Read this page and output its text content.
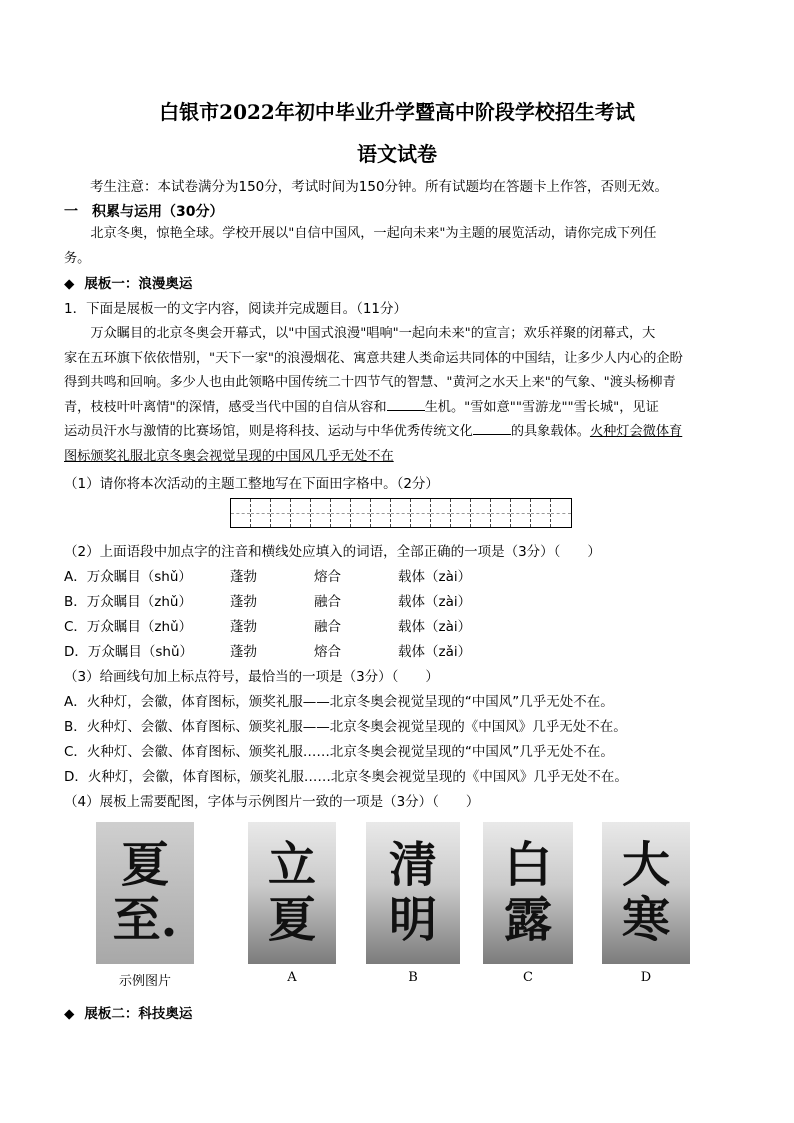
白银市2022年初中毕业升学暨高中阶段学校招生考试
语文试卷
考生注意：本试卷满分为150分，考试时间为150分钟。所有试题均在答题卡上作答，否则无效。
一　积累与运用（30分）
北京冬奥，惊艳全球。学校开展以"自信中国风，一起向未来"为主题的展览活动，请你完成下列任
务。
◆ 展板一：浪漫奥运
1．下面是展板一的文字内容，阅读并完成题目。（11分）
万众瞩目的北京冬奥会开幕式，以"中国式浪漫"唱响"一起向未来"的宣言；欢乐祥聚的闭幕式，大
家在五环旗下依依惜别，"天下一家"的浪漫烟花、寓意共建人类命运共同体的中国结，让多少人内心的企盼
得到共鸣和回响。多少人也由此领略中国传统二十四节气的智慧、"黄河之水天上来"的气象、"渡头杨柳青
青，枝枝叶叶离情"的深情，感受当代中国的自信从容和	生机。"雪如意""雪游龙""雪长城"，见证
运动员汗水与激情的比赛场馆，则是将科技、运动与中华优秀传统文化	的具象载体。火种灯会微体育
图标颁奖礼服北京冬奥会视觉呈现的中国风几乎无处不在
（1）请你将本次活动的主题工整地写在下面田字格中。（2分）
（2）上面语段中加点字的注音和横线处应填入的词语，全部正确的一项是（3分）（　　）
A．万众瞩目（shǔ）	蓬勃	熔合	载体（zài）
B．万众瞩目（zhǔ）	蓬勃	融合	载体（zài）
C．万众瞩目（zhǔ）	蓬勃	融合	载体（zài）
D．万众瞩目（shǔ）	蓬勃	熔合	载体（zǎi）
（3）给画线句加上标点符号，最恰当的一项是（3分）（　　）
A．火种灯，会徽，体育图标，颁奖礼服——北京冬奥会视觉呈现的“中国风”几乎无处不在。
B．火种灯、会徽、体育图标、颁奖礼服——北京冬奥会视觉呈现的《中国风》几乎无处不在。
C．火种灯、会徽、体育图标、颁奖礼服……北京冬奥会视觉呈现的“中国风”几乎无处不在。
D．火种灯，会徽，体育图标，颁奖礼服……北京冬奥会视觉呈现的《中国风》几乎无处不在。
（4）展板上需要配图，字体与示例图片一致的一项是（3分）（　　）
夏
至.
立
夏
清
明
白
露
大
寒
示例图片	A	B	C	D
◆ 展板二：科技奥运
